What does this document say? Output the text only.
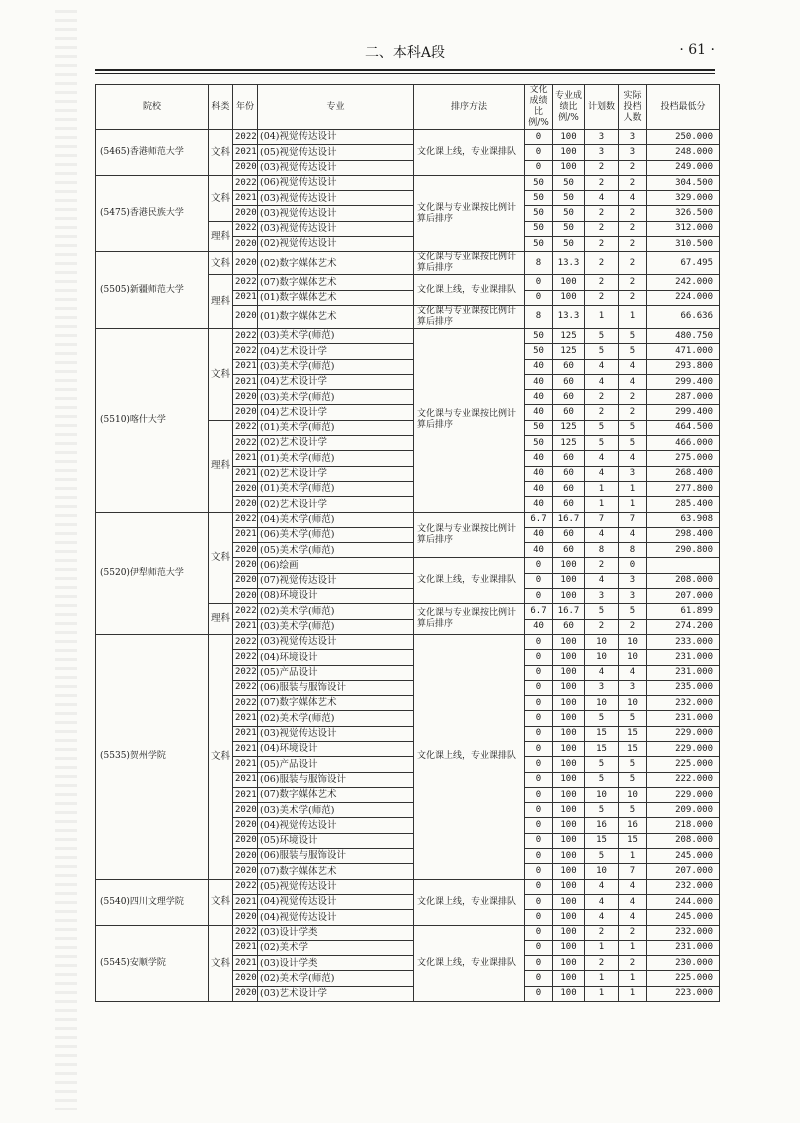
二、本科A段	· 61 ·
院校	科类	年份	专业	排序方法	文化成绩比例/%	专业成绩比例/%	计划数	实际投档人数	投档最低分
(5465)香港师范大学	文科	2022	(04)视觉传达设计	文化课上线，专业课排队	0	100	3	3	250.000
		2021	(05)视觉传达设计		0	100	3	3	248.000
		2020	(03)视觉传达设计		0	100	2	2	249.000
(5475)香港民族大学	文科	2022	(06)视觉传达设计	文化课与专业课按比例计算后排序	50	50	2	2	304.500
		2021	(03)视觉传达设计		50	50	4	4	329.000
		2020	(03)视觉传达设计		50	50	2	2	326.500
	理科	2022	(03)视觉传达设计		50	50	2	2	312.000
		2020	(02)视觉传达设计		50	50	2	2	310.500
(5505)新疆师范大学	文科	2020	(02)数字媒体艺术	文化课与专业课按比例计算后排序	8	13.3	2	2	67.495
	理科	2022	(07)数字媒体艺术	文化课上线，专业课排队	0	100	2	2	242.000
		2021	(01)数字媒体艺术		0	100	2	2	224.000
		2020	(01)数字媒体艺术	文化课与专业课按比例计算后排序	8	13.3	1	1	66.636
(5510)喀什大学	文科	2022	(03)美术学(师范)	文化课与专业课按比例计算后排序	50	125	5	5	480.750
		2022	(04)艺术设计学		50	125	5	5	471.000
		2021	(03)美术学(师范)		40	60	4	4	293.800
		2021	(04)艺术设计学		40	60	4	4	299.400
		2020	(03)美术学(师范)		40	60	2	2	287.000
		2020	(04)艺术设计学		40	60	2	2	299.400
	理科	2022	(01)美术学(师范)		50	125	5	5	464.500
		2022	(02)艺术设计学		50	125	5	5	466.000
		2021	(01)美术学(师范)		40	60	4	4	275.000
		2021	(02)艺术设计学		40	60	4	3	268.400
		2020	(01)美术学(师范)		40	60	1	1	277.800
		2020	(02)艺术设计学		40	60	1	1	285.400
(5520)伊犁师范大学	文科	2022	(04)美术学(师范)	文化课与专业课按比例计算后排序	6.7	16.7	7	7	63.908
		2021	(06)美术学(师范)		40	60	4	4	298.400
		2020	(05)美术学(师范)		40	60	8	8	290.800
		2020	(06)绘画	文化课上线，专业课排队	0	100	2	0	
		2020	(07)视觉传达设计		0	100	4	3	208.000
		2020	(08)环境设计		0	100	3	3	207.000
	理科	2022	(02)美术学(师范)	文化课与专业课按比例计算后排序	6.7	16.7	5	5	61.899
		2021	(03)美术学(师范)		40	60	2	2	274.200
(5535)贺州学院	文科	2022	(03)视觉传达设计	文化课上线，专业课排队	0	100	10	10	233.000
		2022	(04)环境设计		0	100	10	10	231.000
		2022	(05)产品设计		0	100	4	4	231.000
		2022	(06)服装与服饰设计		0	100	3	3	235.000
		2022	(07)数字媒体艺术		0	100	10	10	232.000
		2021	(02)美术学(师范)		0	100	5	5	231.000
		2021	(03)视觉传达设计		0	100	15	15	229.000
		2021	(04)环境设计		0	100	15	15	229.000
		2021	(05)产品设计		0	100	5	5	225.000
		2021	(06)服装与服饰设计		0	100	5	5	222.000
		2021	(07)数字媒体艺术		0	100	10	10	229.000
		2020	(03)美术学(师范)		0	100	5	5	209.000
		2020	(04)视觉传达设计		0	100	16	16	218.000
		2020	(05)环境设计		0	100	15	15	208.000
		2020	(06)服装与服饰设计		0	100	5	1	245.000
		2020	(07)数字媒体艺术		0	100	10	7	207.000
(5540)四川文理学院	文科	2022	(05)视觉传达设计	文化课上线，专业课排队	0	100	4	4	232.000
		2021	(04)视觉传达设计		0	100	4	4	244.000
		2020	(04)视觉传达设计		0	100	4	4	245.000
(5545)安顺学院	文科	2022	(03)设计学类	文化课上线，专业课排队	0	100	2	2	232.000
		2021	(02)美术学		0	100	1	1	231.000
		2021	(03)设计学类		0	100	2	2	230.000
		2020	(02)美术学(师范)		0	100	1	1	225.000
		2020	(03)艺术设计学		0	100	1	1	223.000
